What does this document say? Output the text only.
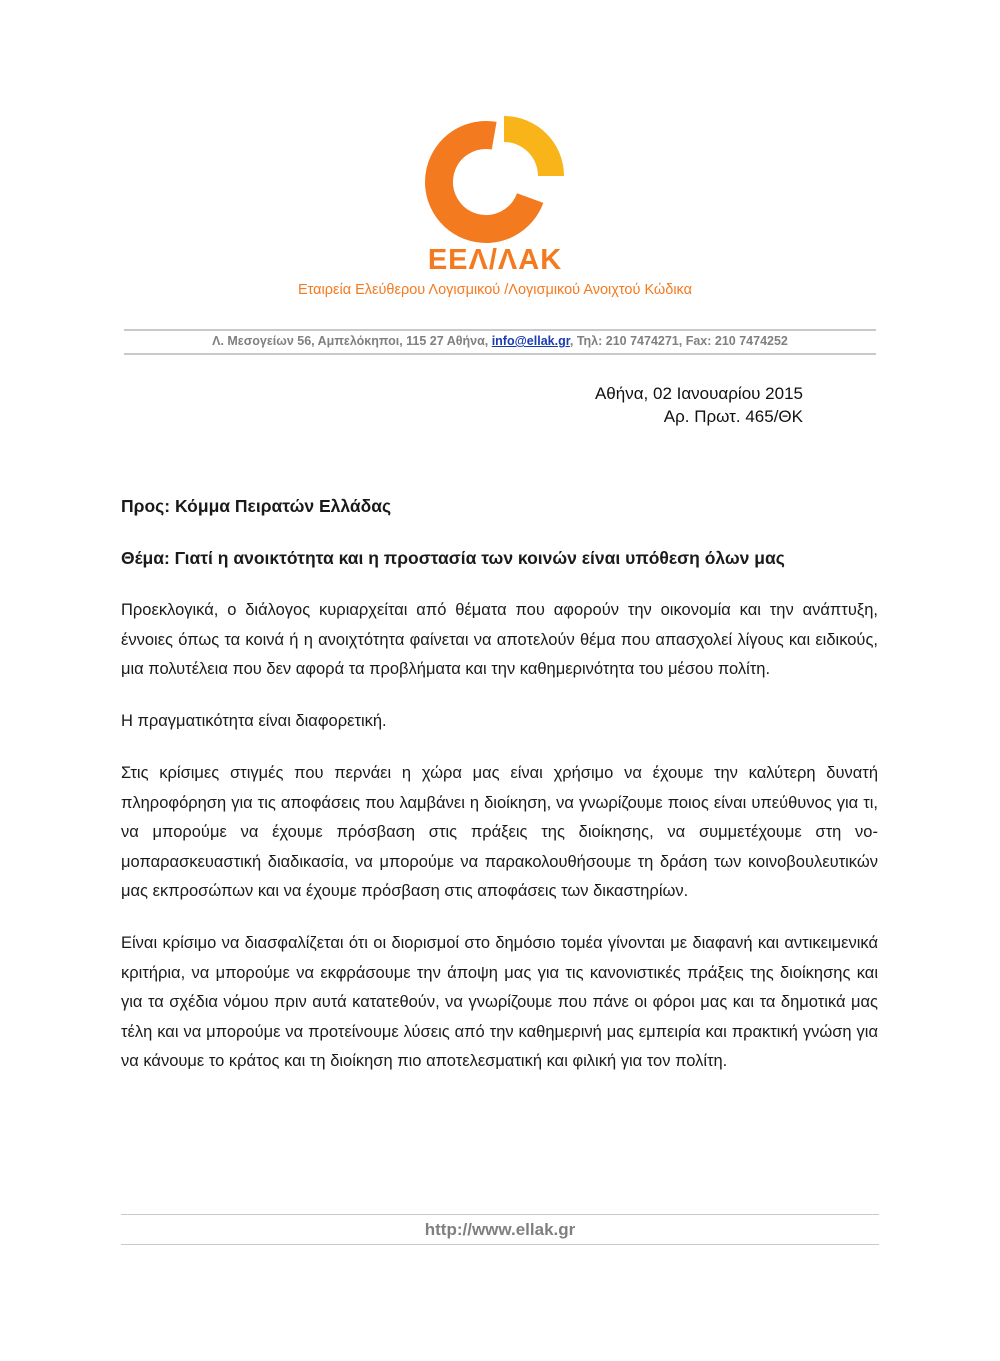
ΕΕΛ/ΛΑΚ
Εταιρεία Ελεύθερου Λογισμικού /Λογισμικού Ανοιχτού Κώδικα
Λ. Μεσογείων 56, Αμπελόκηποι, 115 27 Αθήνα, info@ellak.gr, Τηλ: 210 7474271, Fax: 210 7474252
Αθήνα, 02 Ιανουαρίου 2015
Αρ. Πρωτ. 465/ΘΚ
Προς: Κόμμα Πειρατών Ελλάδας
Θέμα: Γιατί η ανοικτότητα και η προστασία των κοινών είναι υπόθεση όλων μας
Προεκλογικά, ο διάλογος κυριαρχείται από θέματα που αφορούν την οικονομία και την ανάπτυξη, έννοιες όπως τα κοινά ή η ανοιχτότητα φαίνεται να αποτελούν θέμα που απασχολεί λίγους και ειδικούς, μια πολυτέλεια που δεν αφορά τα προβλήματα και την καθημερινότητα του μέσου πολίτη.
Η πραγματικότητα είναι διαφορετική.
Στις κρίσιμες στιγμές που περνάει η χώρα μας είναι χρήσιμο να έχουμε την καλύτερη δυνατή πληροφόρηση για τις αποφάσεις που λαμβάνει η διοίκηση, να γνωρίζουμε ποιος είναι υπεύθυνος για τι, να μπορούμε να έχουμε πρόσβαση στις πράξεις της διοίκησης, να συμμετέχουμε στη νομοπαρασκευαστική διαδικασία, να μπορούμε να παρακολουθήσουμε τη δράση των κοινοβουλευτικών μας εκπροσώπων και να έχουμε πρόσβαση στις αποφάσεις των δικαστηρίων.
Είναι κρίσιμο να διασφαλίζεται ότι οι διορισμοί στο δημόσιο τομέα γίνονται με διαφανή και αντικειμενικά κριτήρια, να μπορούμε να εκφράσουμε την άποψη μας για τις κανονιστικές πράξεις της διοίκησης και για τα σχέδια νόμου πριν αυτά κατατεθούν, να γνωρίζουμε που πάνε οι φόροι μας και τα δημοτικά μας τέλη και να μπορούμε να προτείνουμε λύσεις από την καθημερινή μας εμπειρία και πρακτική γνώση για να κάνουμε το κράτος και τη διοίκηση πιο αποτελεσματική και φιλική για τον πολίτη.
http://www.ellak.gr
